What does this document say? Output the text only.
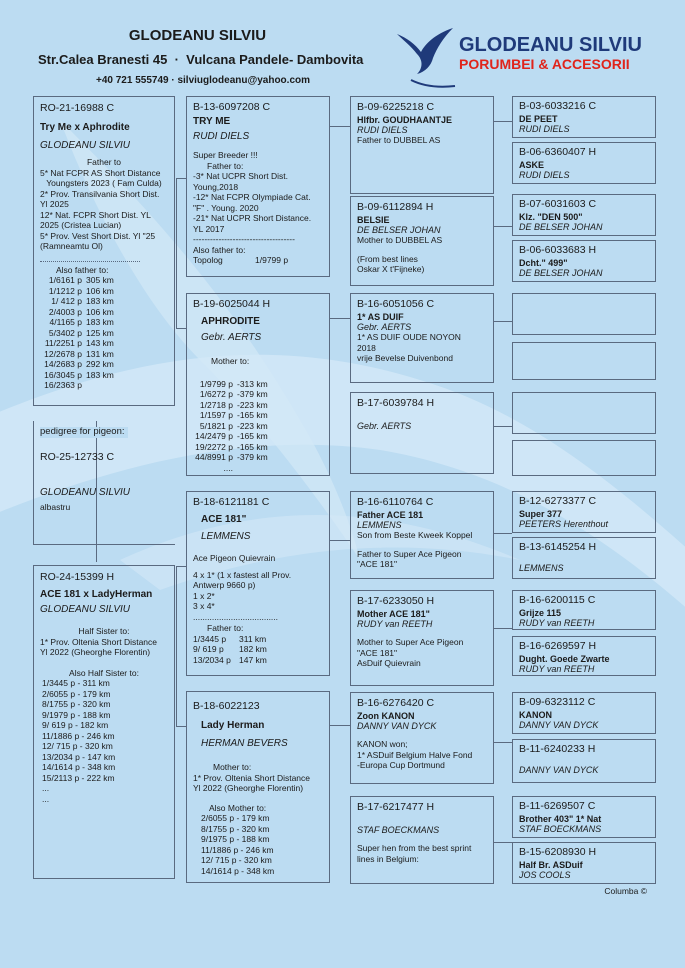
GLODEANU SILVIU
Str.Calea Branesti 45  ·  Vulcana Pandele- Dambovita
+40 721 555749 · silviuglodeanu@yahoo.com
GLODEANU SILVIU
PORUMBEI & ACCESORII

RO-21-16988 C

Try Me x Aphrodite

GLODEANU SILVIU

Father to

5* Nat FCPR AS Short Distance

Youngsters 2023 ( Fam Culda)

2* Prov. Transilvania Short Dist.

Yl 2025

12* Nat. FCPR Short Dist. YL

2025 (Cristea Lucian)

5* Prov. Vest Short Dist. Yl "25

(Ramneamtu Ol)

Also father to:

1/6161 p 305 km
1/1212 p 106 km
1/ 412 p 183 km
2/4003 p 106 km
4/1165 p 183 km
5/3402 p 125 km
11/2251 p 143 km
12/2678 p 131 km
14/2683 p 292 km
16/3045 p 183 km
16/2363 p

pedigree for pigeon:

RO-25-12733 C

GLODEANU SILVIU

albastru

RO-24-15399 H

ACE 181 x LadyHerman

GLODEANU SILVIU

Half Sister to:

1* Prov. Oltenia Short Distance

Yl 2022 (Gheorghe Florentin)

Also Half Sister to:

1/3445 p - 311 km

2/6055 p - 179 km

8/1755 p - 320 km

9/1979 p - 188 km

9/ 619 p - 182 km

11/1886 p - 246 km

12/ 715 p - 320 km

13/2034 p - 147 km

14/1614 p - 348 km

15/2113 p - 222 km

...

...

B-13-6097208 C

TRY ME

RUDI DIELS

Super Breeder !!!

Father to:

-3* Nat UCPR Short Dist.

Young,2018

-12* Nat FCPR Olympiade Cat.

"F" . Young. 2020

-21* Nat UCPR Short Distance.

YL 2017

------------------------------------

Also father to:

Topolog	1/9799 p

B-19-6025044 H

APHRODITE

Gebr. AERTS

Mother to:

1/9799 p -313 km
1/6272 p -379 km
1/2718 p -223 km
1/1597 p -165 km
5/1821 p -223 km
14/2479 p -165 km
19/2272 p -165 km
44/8991 p -379 km
....

B-18-6121181 C

ACE 181"

LEMMENS

Ace Pigeon Quievrain

4 x 1* (1 x fastest all Prov.

Antwerp 9660 p)

1 x 2*

3 x 4*

....................................

Father to:

1/3445 p	311 km
9/ 619 p	182 km
13/2034 p 147 km

B-18-6022123

Lady Herman

HERMAN BEVERS

Mother to:

1* Prov. Oltenia Short Distance

Yl 2022 (Gheorghe Florentin)

Also Mother to:

2/6055 p - 179 km

8/1755 p - 320 km

9/1975 p - 188 km

11/1886 p - 246 km

12/ 715 p - 320 km

14/1614 p - 348 km

B-09-6225218 C

Hlfbr. GOUDHAANTJE

RUDI DIELS

Father to DUBBEL AS

B-09-6112894 H

BELSIE

DE BELSER JOHAN

Mother to DUBBEL AS

(From best lines

Oskar X t'Fijneke)

B-16-6051056 C

1* AS DUIF

Gebr. AERTS

1* AS DUIF OUDE NOYON

2018

vrije Bevelse Duivenbond

B-17-6039784 H

Gebr. AERTS

B-16-6110764 C

Father ACE 181

LEMMENS

Son from Beste Kweek Koppel

Father to Super Ace Pigeon

"ACE 181"

B-17-6233050 H

Mother ACE 181"

RUDY van REETH

Mother to Super Ace Pigeon

"ACE 181"

AsDuif Quievrain

B-16-6276420 C

Zoon KANON

DANNY VAN DYCK

KANON won;

1* ASDuif Belgium Halve Fond

-Europa Cup Dortmund

B-17-6217477 H

STAF BOECKMANS

Super hen from the best sprint

lines in Belgium:

B-03-6033216 C

DE PEET

RUDI DIELS

B-06-6360407 H

ASKE

RUDI DIELS

B-07-6031603 C

Klz. "DEN 500"

DE BELSER JOHAN

B-06-6033683 H

Dcht." 499"

DE BELSER JOHAN

B-12-6273377 C

Super 377

PEETERS Herenthout

B-13-6145254 H

LEMMENS

B-16-6200115 C

Grijze 115

RUDY van REETH

B-16-6269597 H

Dught. Goede Zwarte

RUDY van REETH

B-09-6323112 C

KANON

DANNY VAN DYCK

B-11-6240233 H

DANNY VAN DYCK

B-11-6269507 C

Brother 403" 1* Nat

STAF BOECKMANS

B-15-6208930 H

Half Br. ASDuif

JOS COOLS

Columba ©
